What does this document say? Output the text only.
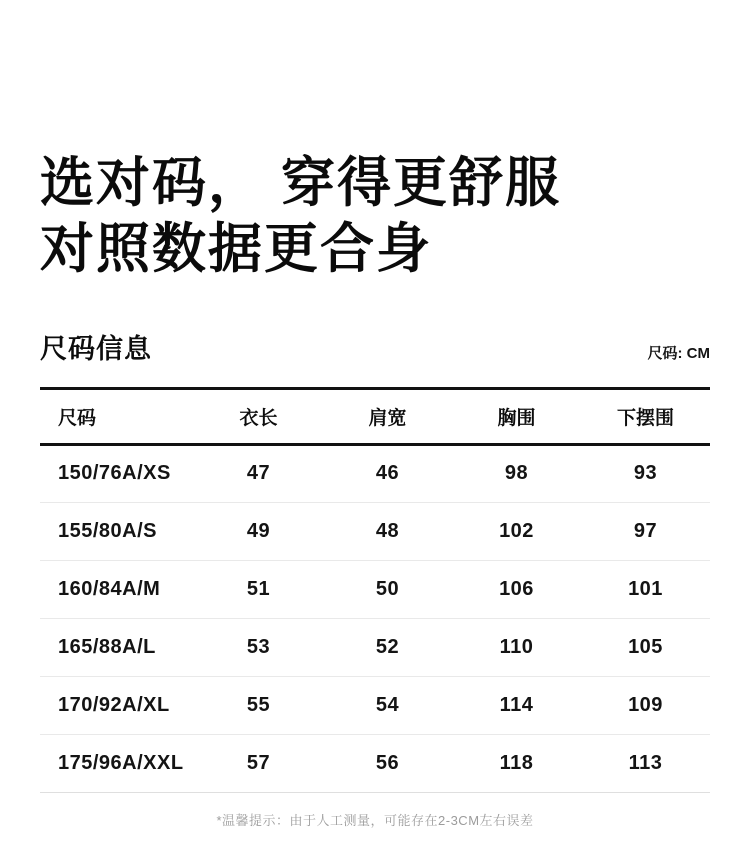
选对码， 穿得更舒服
对照数据更合身
尺码信息	尺码: CM
尺码	衣长	肩宽	胸围	下摆围
150/76A/XS	47	46	98	93
155/80A/S	49	48	102	97
160/84A/M	51	50	106	101
165/88A/L	53	52	110	105
170/92A/XL	55	54	114	109
175/96A/XXL	57	56	118	113
*温馨提示：由于人工测量，可能存在2-3CM左右误差
